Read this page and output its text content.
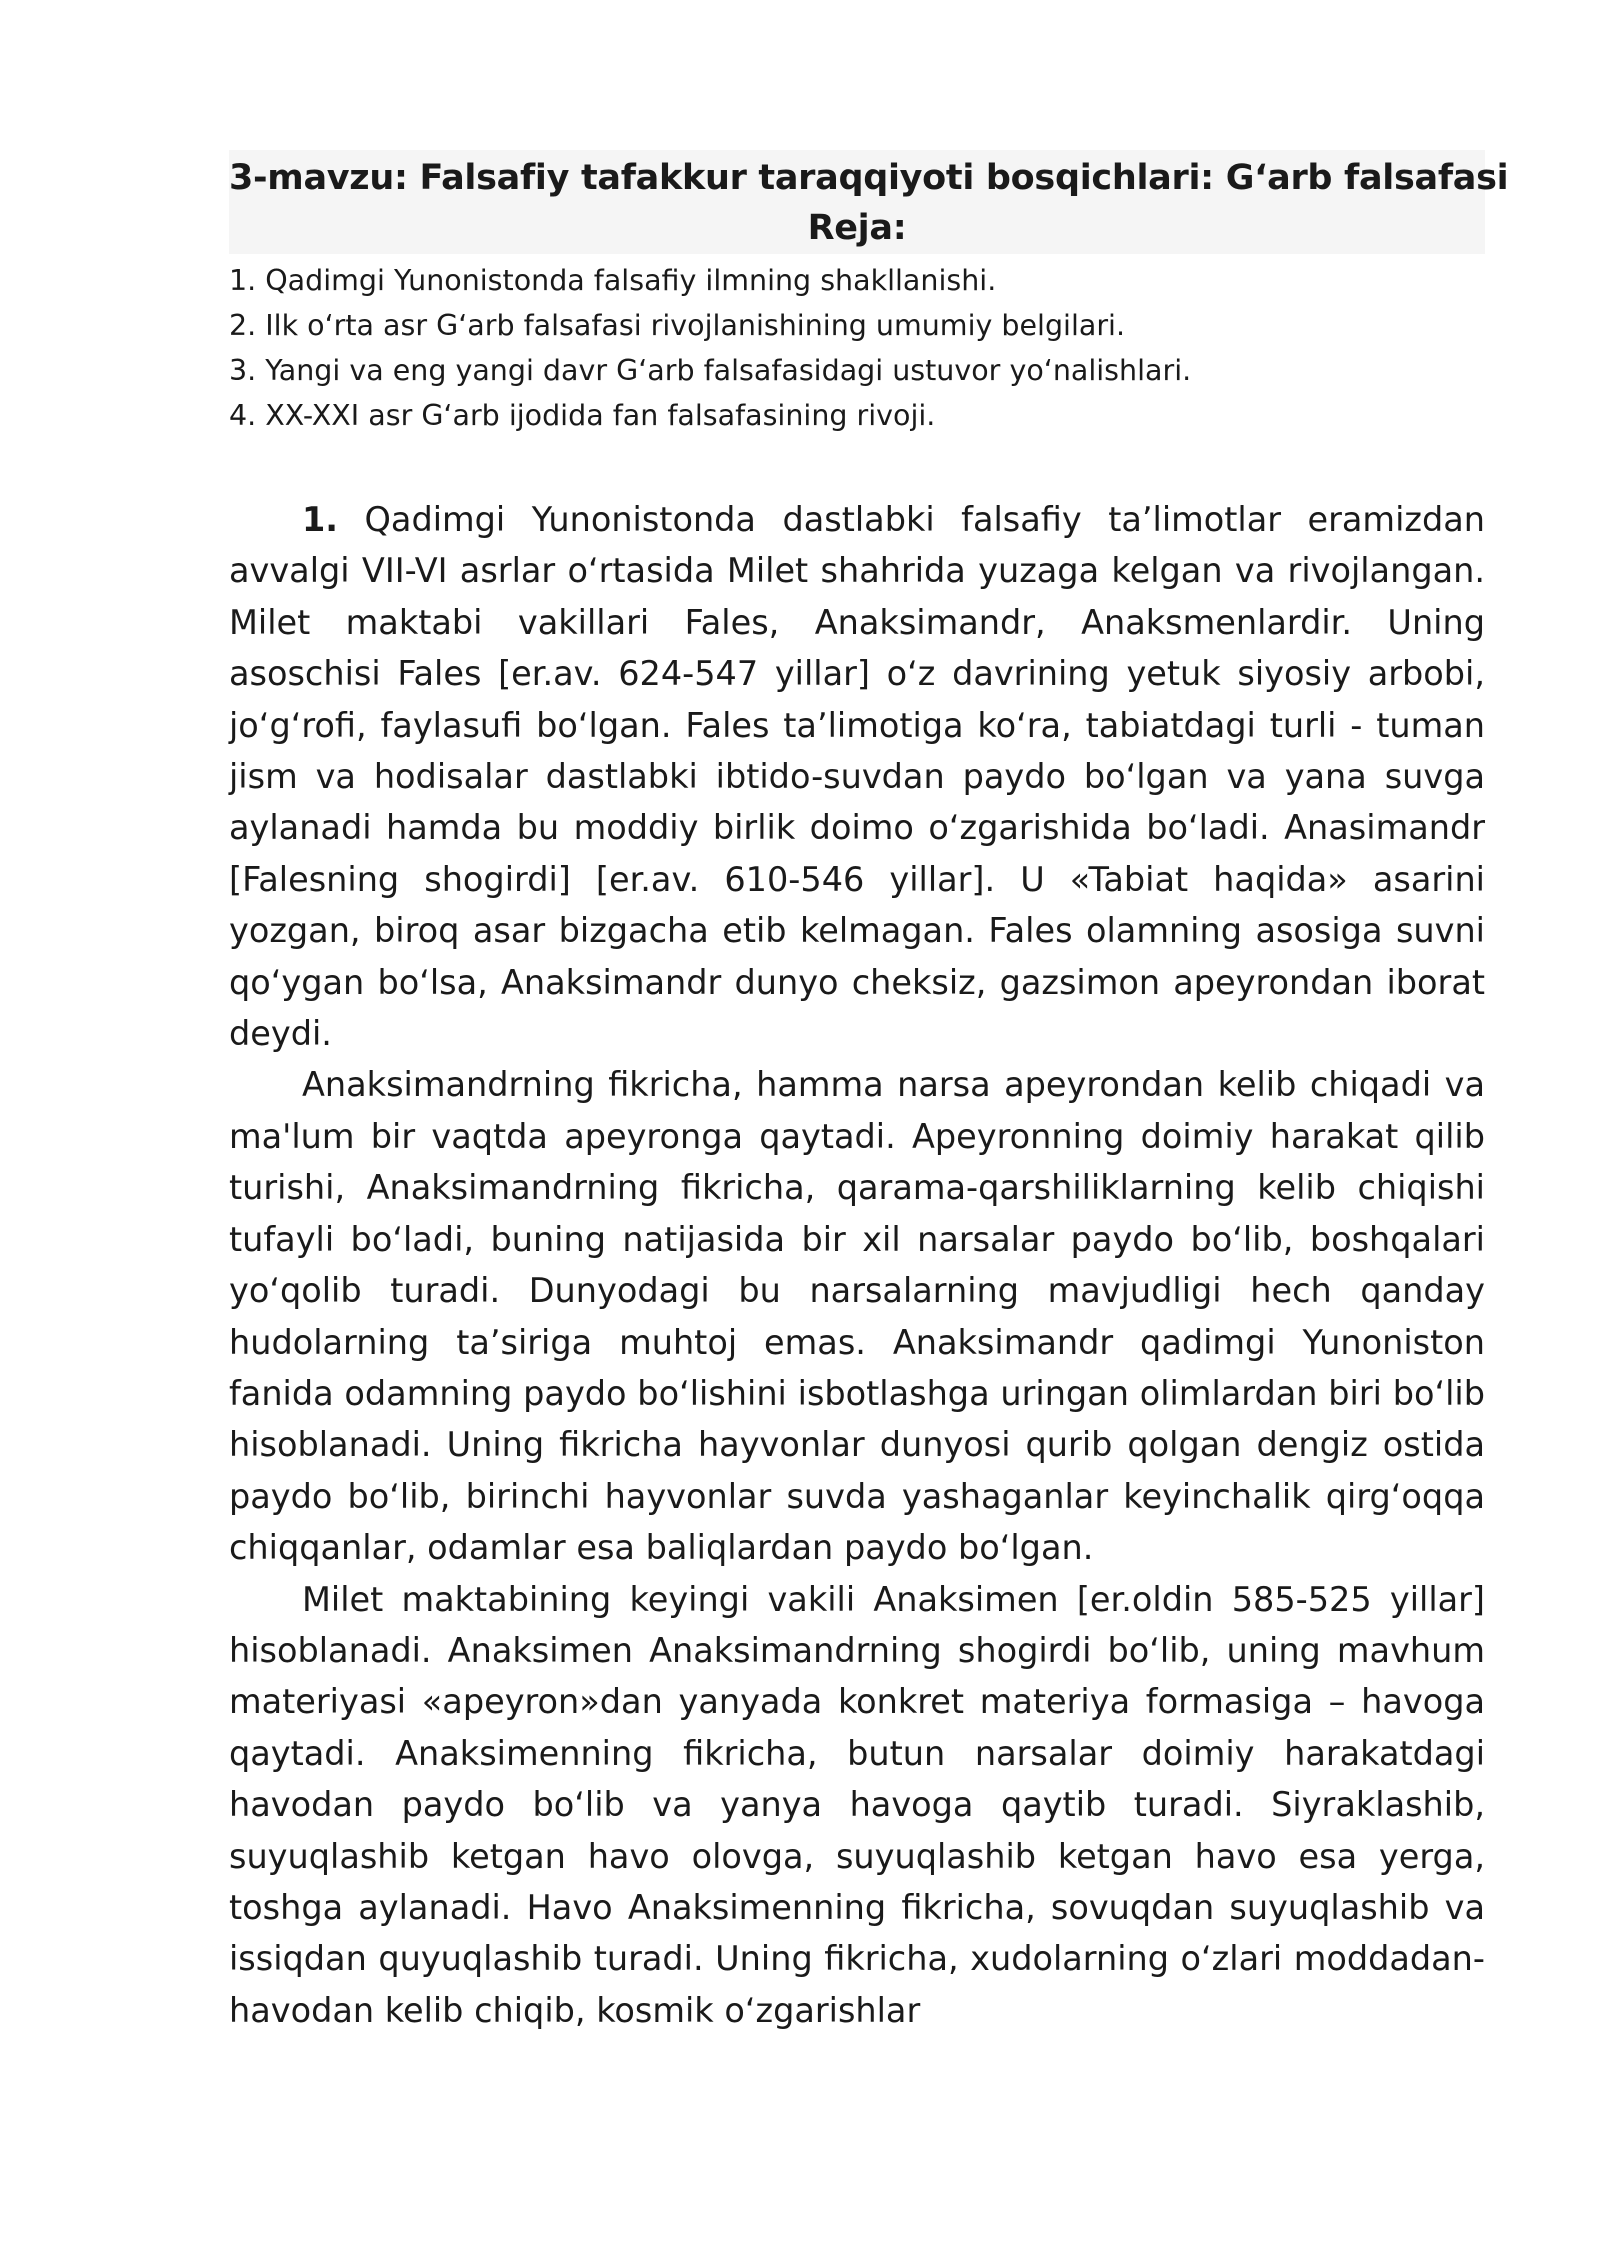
3-mavzu: Falsafiy tafakkur taraqqiyoti bosqichlari: G‘arb falsafasi
Reja:
1. Qadimgi Yunonistonda falsafiy ilmning shakllanishi.
2. Ilk o‘rta asr G‘arb falsafasi rivojlanishining umumiy belgilari.
3. Yangi va eng yangi davr G‘arb falsafasidagi ustuvor yo‘nalishlari.
4. XX-XXI asr G‘arb ijodida fan falsafasining rivoji.

1. Qadimgi Yunonistonda dastlabki falsafiy ta’limotlar eramizdan avvalgi VII-VI asrlar o‘rtasida Milet shahrida yuzaga kelgan va rivojlangan. Milet maktabi vakillari Fales, Anaksimandr, Anaksmenlardir. Uning asoschisi Fales [er.av. 624-547 yillar] o‘z davrining yetuk siyosiy arbobi, jo‘g‘rofi, faylasufi bo‘lgan. Fales ta’limotiga ko‘ra, tabiatdagi turli - tuman jism va hodisalar dastlabki ibtido-suvdan paydo bo‘lgan va yana suvga aylanadi hamda bu moddiy birlik doimo o‘zgarishida bo‘ladi. Anasimandr [Falesning shogirdi] [er.av. 610-546 yillar]. U «Tabiat haqida» asarini yozgan, biroq asar bizgacha etib kelmagan. Fales olamning asosiga suvni qo‘ygan bo‘lsa, Anaksimandr dunyo cheksiz, gazsimon apeyrondan iborat deydi.

Anaksimandrning fikricha, hamma narsa apeyrondan kelib chiqadi va ma'lum bir vaqtda apeyronga qaytadi. Apeyronning doimiy harakat qilib turishi, Anaksimandrning fikricha, qarama-qarshiliklarning kelib chiqishi tufayli bo‘ladi, buning natijasida bir xil narsalar paydo bo‘lib, boshqalari yo‘qolib turadi. Dunyodagi bu narsalarning mavjudligi hech qanday hudolarning ta’siriga muhtoj emas. Anaksimandr qadimgi Yunoniston fanida odamning paydo bo‘lishini isbotlashga uringan olimlardan biri bo‘lib hisoblanadi. Uning fikricha hayvonlar dunyosi qurib qolgan dengiz ostida paydo bo‘lib, birinchi hayvonlar suvda yashaganlar keyinchalik qirg‘oqqa chiqqanlar, odamlar esa baliqlardan paydo bo‘lgan.

Milet maktabining keyingi vakili Anaksimen [er.oldin 585-525 yillar] hisoblanadi. Anaksimen Anaksimandrning shogirdi bo‘lib, uning mavhum materiyasi «apeyron»dan yanyada konkret materiya formasiga – havoga qaytadi. Anaksimenning fikricha, butun narsalar doimiy harakatdagi havodan paydo bo‘lib va yanya havoga qaytib turadi. Siyraklashib, suyuqlashib ketgan havo olovga, suyuqlashib ketgan havo esa yerga, toshga aylanadi. Havo Anaksimenning fikricha, sovuqdan suyuqlashib va issiqdan quyuqlashib turadi. Uning fikricha, xudolarning o‘zlari moddadan-havodan kelib chiqib, kosmik o‘zgarishlar
